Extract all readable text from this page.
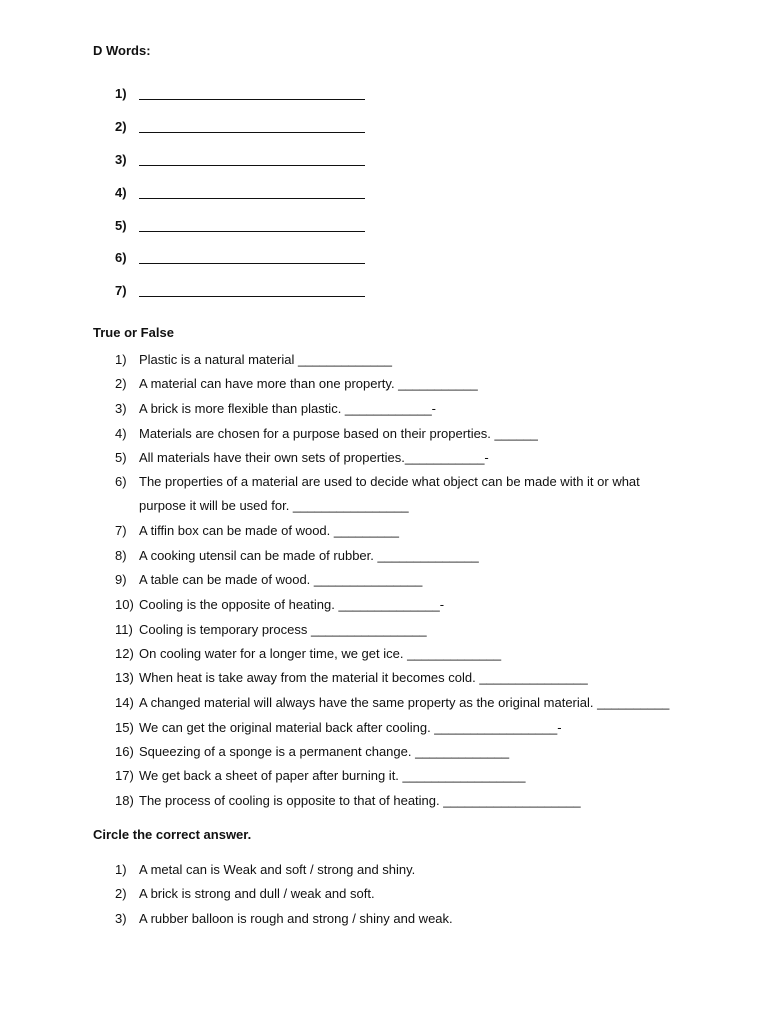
D Words:
1)
2)
3)
4)
5)
6)
7)
True or False
1) Plastic is a natural material _____________
2) A material can have more than one property. ___________
3) A brick is more flexible than plastic. ____________-
4) Materials are chosen for a purpose based on their properties. ______
5) All materials have their own sets of properties.___________-
6) The properties of a material are used to decide what object can be made with it or what
purpose it will be used for. ________________
7) A tiffin box can be made of wood. _________
8) A cooking utensil can be made of rubber. ______________
9) A table can be made of wood. _______________
10) Cooling is the opposite of heating. ______________-
11) Cooling is temporary process ________________
12) On cooling water for a longer time, we get ice. _____________
13) When heat is take away from the material it becomes cold. _______________
14) A changed material will always have the same property as the original material. __________
15) We can get the original material back after cooling. _________________-
16) Squeezing of a sponge is a permanent change. _____________
17) We get back a sheet of paper after burning it. _________________
18) The process of cooling is opposite to that of heating. ___________________
Circle the correct answer.
1) A metal can is Weak and soft / strong and shiny.
2) A brick is strong and dull / weak and soft.
3) A rubber balloon is rough and strong / shiny and weak.
